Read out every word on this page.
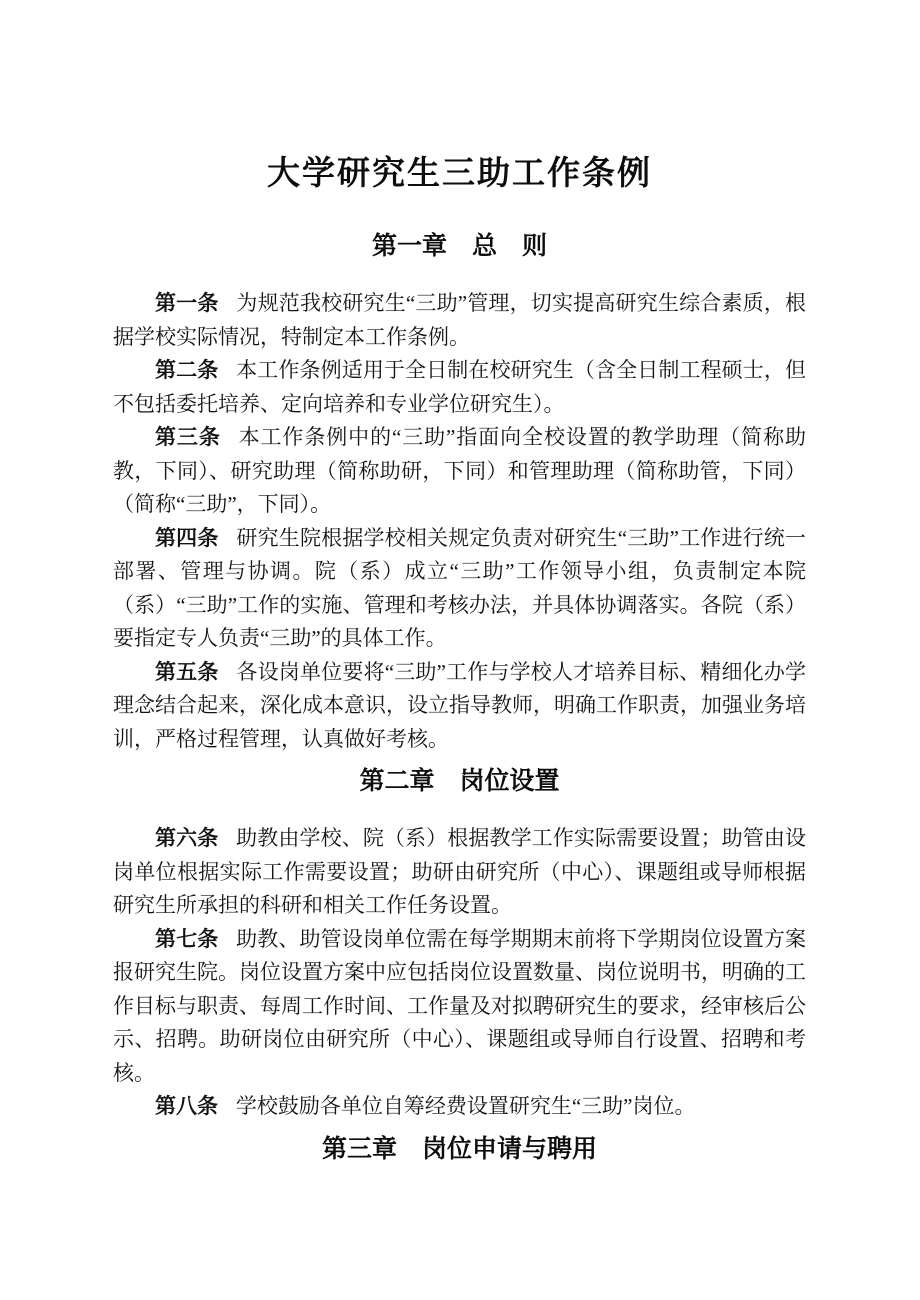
大学研究生三助工作条例
第一章　总　则

第一条 为规范我校研究生“三助”管理，切实提高研究生综合素质，根据学校实际情况，特制定本工作条例。

第二条 本工作条例适用于全日制在校研究生（含全日制工程硕士，但不包括委托培养、定向培养和专业学位研究生）。

第三条 本工作条例中的“三助”指面向全校设置的教学助理（简称助教，下同）、研究助理（简称助研，下同）和管理助理（简称助管，下同）（简称“三助”，下同）。

第四条 研究生院根据学校相关规定负责对研究生“三助”工作进行统一部署、管理与协调。院（系）成立“三助”工作领导小组，负责制定本院（系）“三助”工作的实施、管理和考核办法，并具体协调落实。各院（系）要指定专人负责“三助”的具体工作。

第五条 各设岗单位要将“三助”工作与学校人才培养目标、精细化办学理念结合起来，深化成本意识，设立指导教师，明确工作职责，加强业务培训，严格过程管理，认真做好考核。

第二章　岗位设置

第六条 助教由学校、院（系）根据教学工作实际需要设置；助管由设岗单位根据实际工作需要设置；助研由研究所（中心）、课题组或导师根据研究生所承担的科研和相关工作任务设置。

第七条 助教、助管设岗单位需在每学期期末前将下学期岗位设置方案报研究生院。岗位设置方案中应包括岗位设置数量、岗位说明书，明确的工作目标与职责、每周工作时间、工作量及对拟聘研究生的要求，经审核后公示、招聘。助研岗位由研究所（中心）、课题组或导师自行设置、招聘和考核。

第八条 学校鼓励各单位自筹经费设置研究生“三助”岗位。

第三章　岗位申请与聘用
